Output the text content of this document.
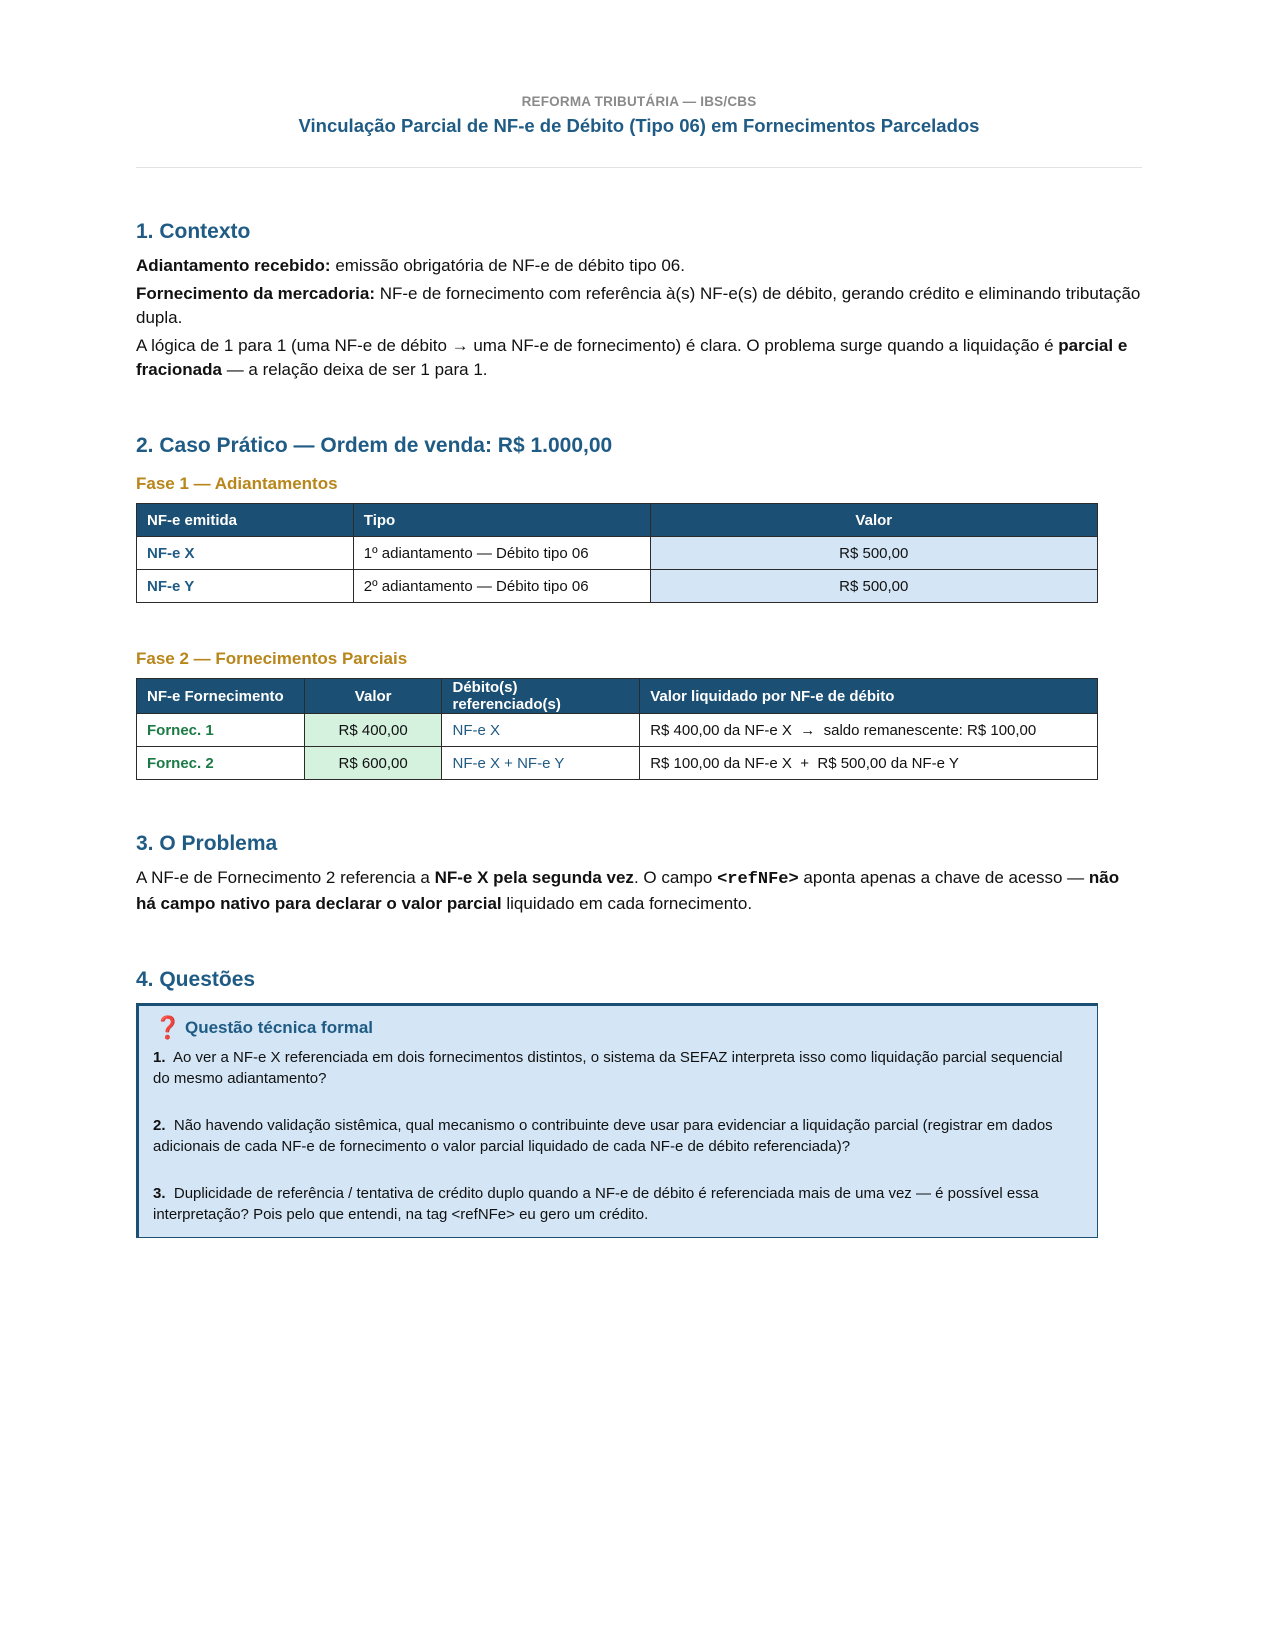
REFORMA TRIBUTÁRIA — IBS/CBS
Vinculação Parcial de NF-e de Débito (Tipo 06) em Fornecimentos Parcelados
1. Contexto

Adiantamento recebido: emissão obrigatória de NF-e de débito tipo 06.

Fornecimento da mercadoria: NF-e de fornecimento com referência à(s) NF-e(s) de débito, gerando crédito e eliminando tributação dupla.

A lógica de 1 para 1 (uma NF-e de débito → uma NF-e de fornecimento) é clara. O problema surge quando a liquidação é parcial e fracionada — a relação deixa de ser 1 para 1.

2. Caso Prático — Ordem de venda: R$ 1.000,00
Fase 1 — Adiantamentos
NF-e emitida	Tipo	Valor
NF-e X	1º adiantamento — Débito tipo 06	R$ 500,00
NF-e Y	2º adiantamento — Débito tipo 06	R$ 500,00
Fase 2 — Fornecimentos Parciais
NF-e Fornecimento	Valor	Débito(s) referenciado(s)	Valor liquidado por NF-e de débito
Fornec. 1	R$ 400,00	NF-e X	R$ 400,00 da NF-e X  →  saldo remanescente: R$ 100,00
Fornec. 2	R$ 600,00	NF-e X + NF-e Y	R$ 100,00 da NF-e X  +  R$ 500,00 da NF-e Y
3. O Problema

A NF-e de Fornecimento 2 referencia a NF-e X pela segunda vez. O campo <refNFe> aponta apenas a chave de acesso — não há campo nativo para declarar o valor parcial liquidado em cada fornecimento.

4. Questões
❓ Questão técnica formal
1. Ao ver a NF-e X referenciada em dois fornecimentos distintos, o sistema da SEFAZ interpreta isso como liquidação parcial sequencial do mesmo adiantamento?
2. Não havendo validação sistêmica, qual mecanismo o contribuinte deve usar para evidenciar a liquidação parcial (registrar em dados adicionais de cada NF-e de fornecimento o valor parcial liquidado de cada NF-e de débito referenciada)?
3. Duplicidade de referência / tentativa de crédito duplo quando a NF-e de débito é referenciada mais de uma vez — é possível essa interpretação? Pois pelo que entendi, na tag <refNFe> eu gero um crédito.
